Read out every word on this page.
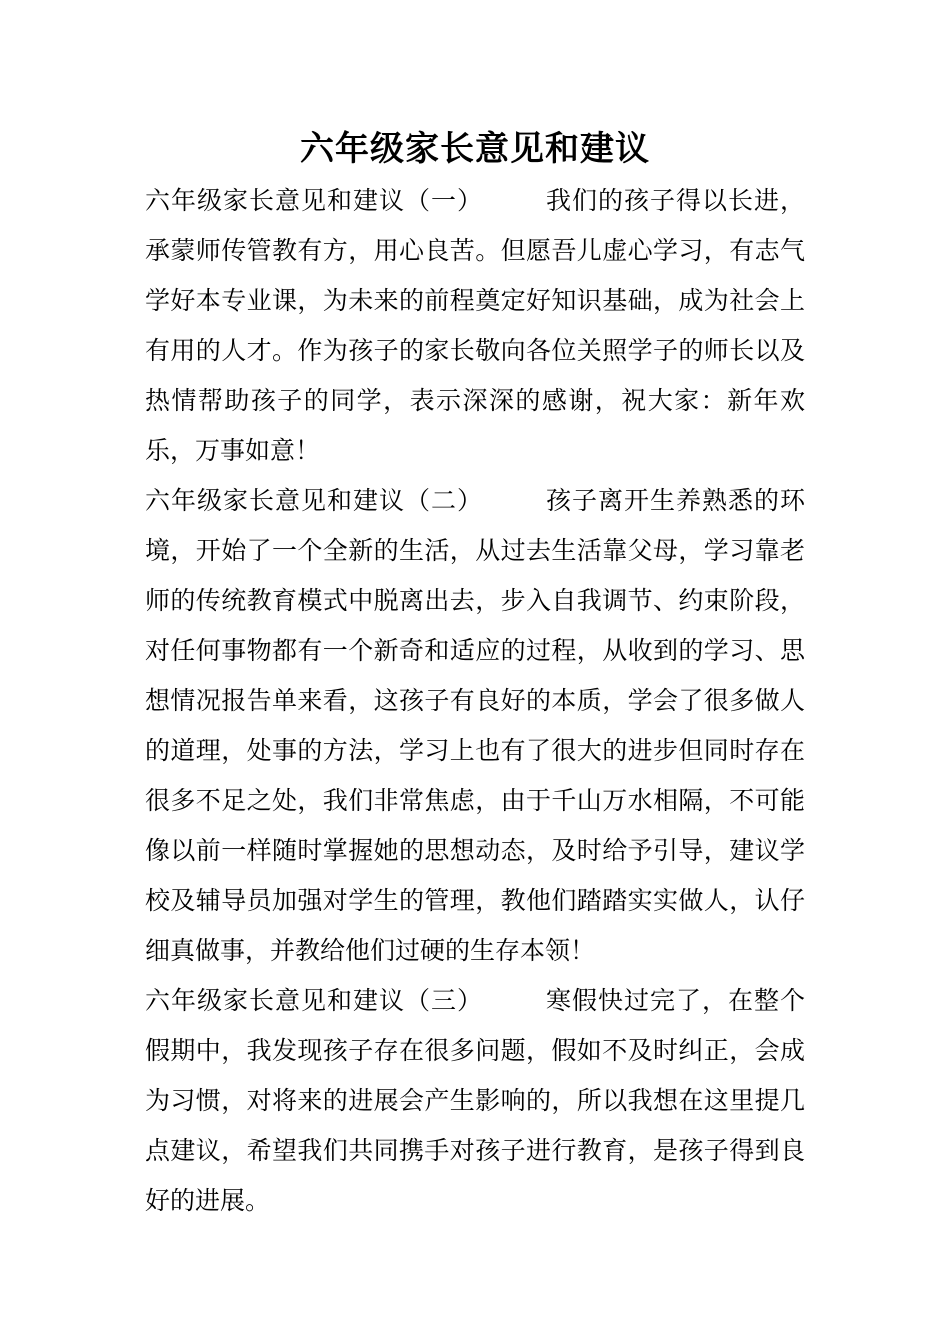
六年级家长意见和建议

六年级家长意见和建议（一） 我们的孩子得以长进，承蒙师传管教有方，用心良苦。但愿吾儿虚心学习，有志气学好本专业课，为未来的前程奠定好知识基础，成为社会上有用的人才。作为孩子的家长敬向各位关照学子的师长以及热情帮助孩子的同学，表示深深的感谢，祝大家：新年欢乐，万事如意！

六年级家长意见和建议（二） 孩子离开生养熟悉的环境，开始了一个全新的生活，从过去生活靠父母，学习靠老师的传统教育模式中脱离出去，步入自我调节、约束阶段，对任何事物都有一个新奇和适应的过程，从收到的学习、思想情况报告单来看，这孩子有良好的本质，学会了很多做人的道理，处事的方法，学习上也有了很大的进步但同时存在很多不足之处，我们非常焦虑，由于千山万水相隔，不可能像以前一样随时掌握她的思想动态，及时给予引导，建议学校及辅导员加强对学生的管理，教他们踏踏实实做人，认仔细真做事，并教给他们过硬的生存本领！

六年级家长意见和建议（三） 寒假快过完了，在整个假期中，我发现孩子存在很多问题，假如不及时纠正，会成为习惯，对将来的进展会产生影响的，所以我想在这里提几点建议，希望我们共同携手对孩子进行教育，是孩子得到良好的进展。
